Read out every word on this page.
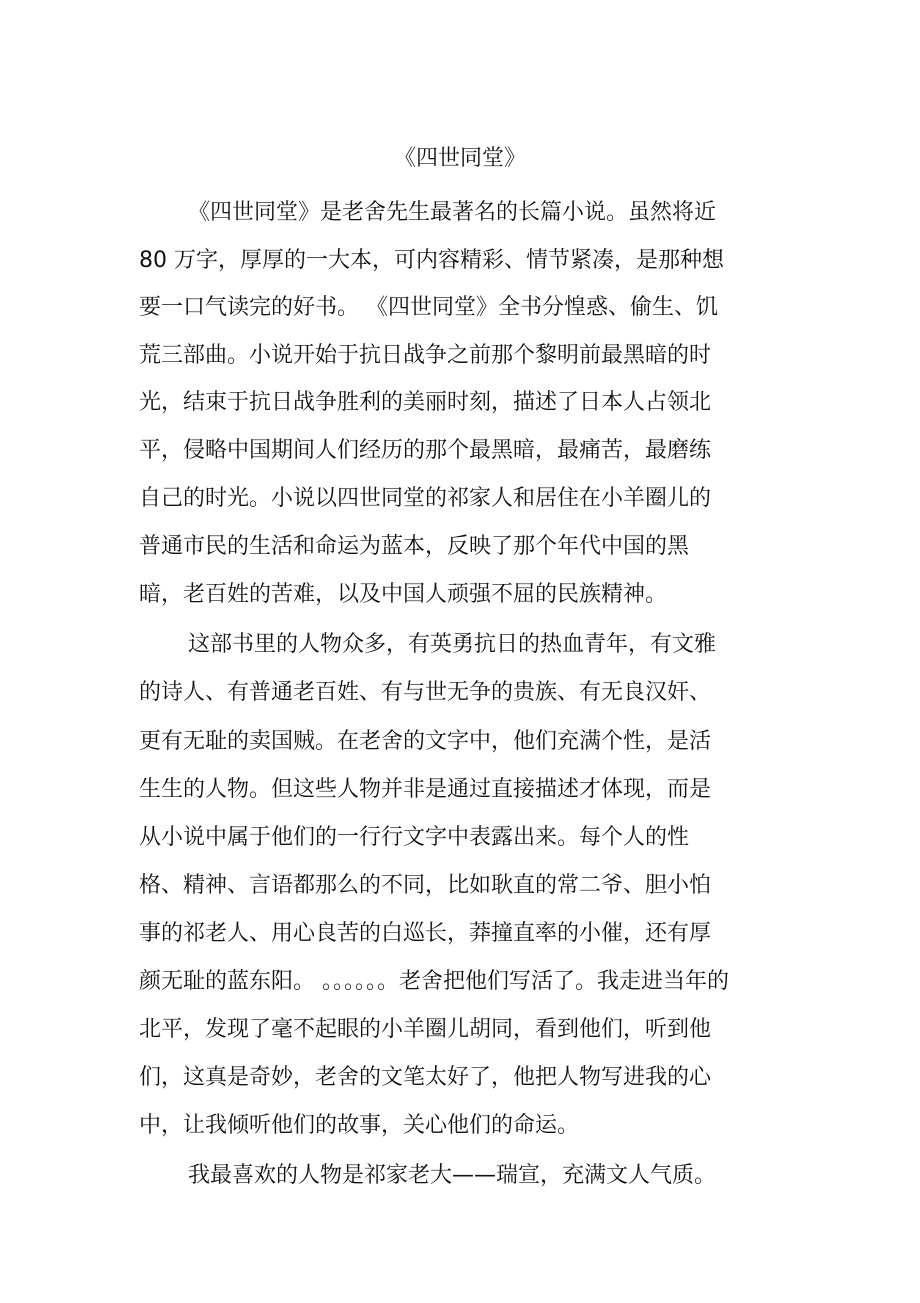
《四世同堂》
《四世同堂》是老舍先生最著名的长篇小说。虽然将近
80 万字，厚厚的一大本，可内容精彩、情节紧凑，是那种想
要一口气读完的好书。 《四世同堂》全书分惶惑、偷生、饥
荒三部曲。小说开始于抗日战争之前那个黎明前最黑暗的时
光，结束于抗日战争胜利的美丽时刻，描述了日本人占领北
平，侵略中国期间人们经历的那个最黑暗，最痛苦，最磨练
自己的时光。小说以四世同堂的祁家人和居住在小羊圈儿的
普通市民的生活和命运为蓝本，反映了那个年代中国的黑
暗，老百姓的苦难，以及中国人顽强不屈的民族精神。
这部书里的人物众多，有英勇抗日的热血青年，有文雅
的诗人、有普通老百姓、有与世无争的贵族、有无良汉奸、
更有无耻的卖国贼。在老舍的文字中，他们充满个性，是活
生生的人物。但这些人物并非是通过直接描述才体现，而是
从小说中属于他们的一行行文字中表露出来。每个人的性
格、精神、言语都那么的不同，比如耿直的常二爷、胆小怕
事的祁老人、用心良苦的白巡长，莽撞直率的小催，还有厚
颜无耻的蓝东阳。 。。。。。。老舍把他们写活了。我走进当年的
北平，发现了毫不起眼的小羊圈儿胡同，看到他们，听到他
们，这真是奇妙，老舍的文笔太好了，他把人物写进我的心
中，让我倾听他们的故事，关心他们的命运。
我最喜欢的人物是祁家老大——瑞宣，充满文人气质。
